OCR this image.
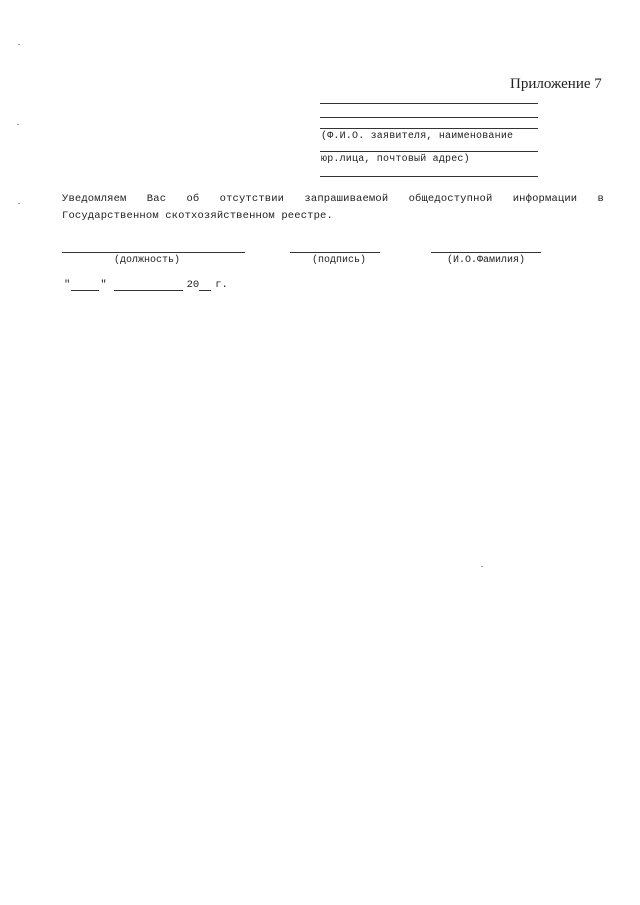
Приложение 7
(Ф.И.О. заявителя, наименование
юр.лица, почтовый адрес)
Уведомляем Вас об отсутствии запрашиваемой общедоступной информации в
Государственном скотхозяйственном реестре.
(должность)	(подпись)	(И.О.Фамилия)
"	"	20 г.
